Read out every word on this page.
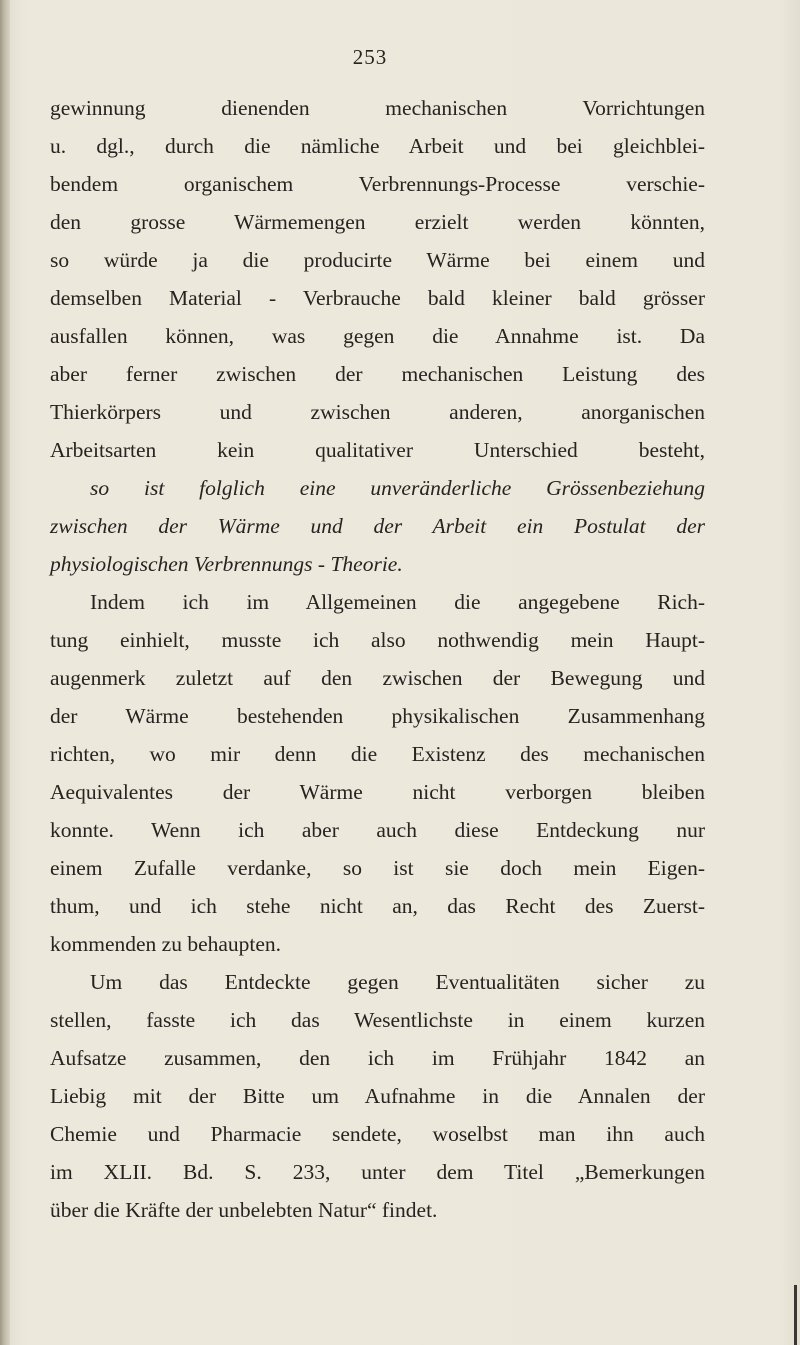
253
gewinnung dienenden mechanischen Vorrichtungen
u. dgl., durch die nämliche Arbeit und bei gleichblei-
bendem organischem Verbrennungs-Processe verschie-
den grosse Wärmemengen erzielt werden könnten,
so würde ja die producirte Wärme bei einem und
demselben Material - Verbrauche bald kleiner bald grösser
ausfallen können, was gegen die Annahme ist. Da
aber ferner zwischen der mechanischen Leistung des
Thierkörpers und zwischen anderen, anorganischen
Arbeitsarten kein qualitativer Unterschied besteht,
so ist folglich eine unveränderliche Grössenbeziehung
zwischen der Wärme und der Arbeit ein Postulat der
physiologischen Verbrennungs - Theorie.
Indem ich im Allgemeinen die angegebene Rich-
tung einhielt, musste ich also nothwendig mein Haupt-
augenmerk zuletzt auf den zwischen der Bewegung und
der Wärme bestehenden physikalischen Zusammenhang
richten, wo mir denn die Existenz des mechanischen
Aequivalentes der Wärme nicht verborgen bleiben
konnte. Wenn ich aber auch diese Entdeckung nur
einem Zufalle verdanke, so ist sie doch mein Eigen-
thum, und ich stehe nicht an, das Recht des Zuerst-
kommenden zu behaupten.
Um das Entdeckte gegen Eventualitäten sicher zu
stellen, fasste ich das Wesentlichste in einem kurzen
Aufsatze zusammen, den ich im Frühjahr 1842 an
Liebig mit der Bitte um Aufnahme in die Annalen der
Chemie und Pharmacie sendete, woselbst man ihn auch
im XLII. Bd. S. 233, unter dem Titel „Bemerkungen
über die Kräfte der unbelebten Natur“ findet.
